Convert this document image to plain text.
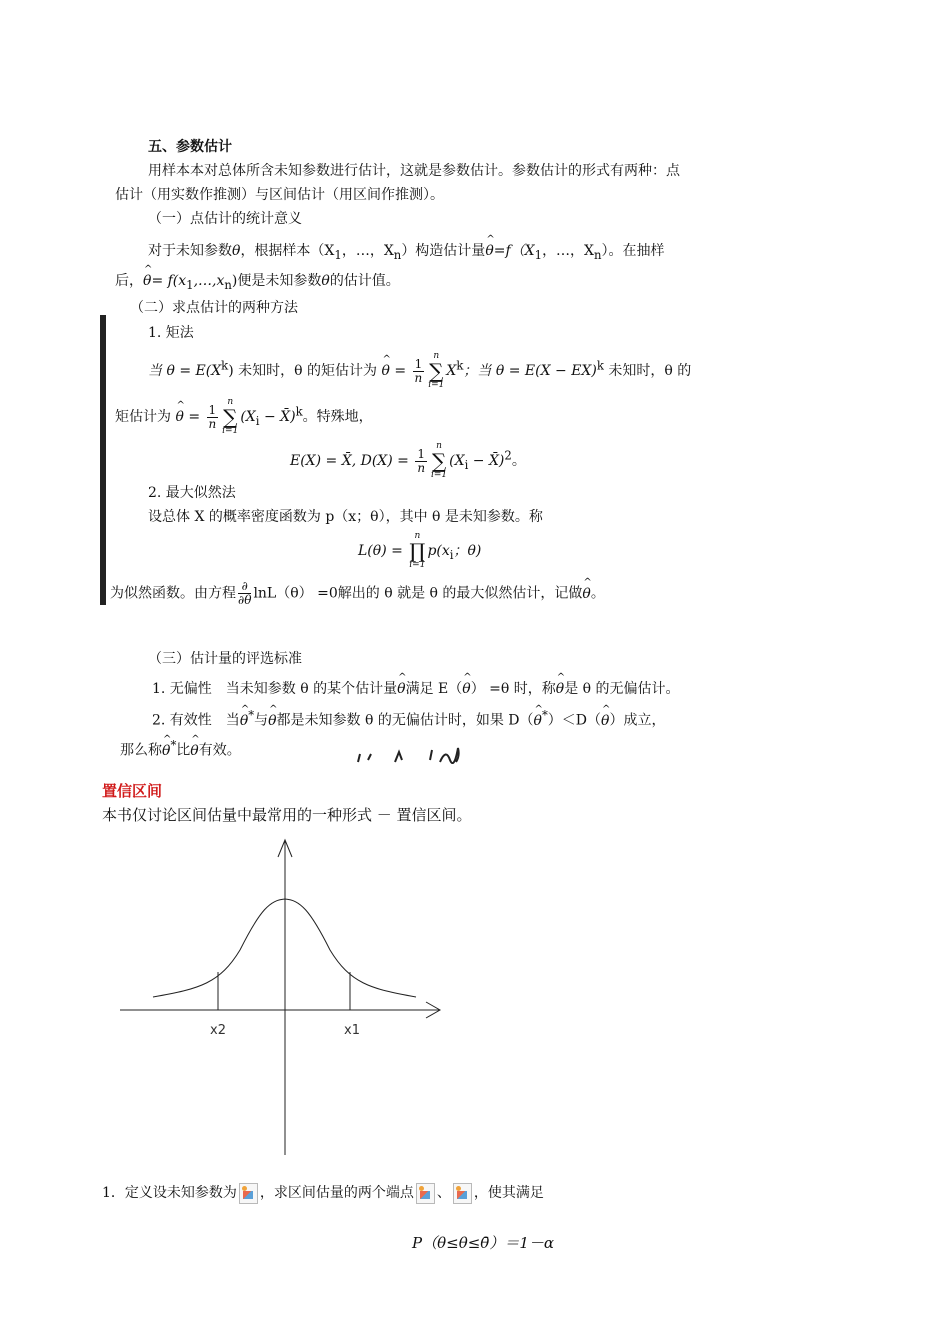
五、参数估计
用样本本对总体所含未知参数进行估计，这就是参数估计。参数估计的形式有两种：点
估计（用实数作推测）与区间估计（用区间作推测）。
（一）点估计的统计意义
对于未知参数θ，根据样本（$X_1$，…，$X_n$）构造估计量^ $\theta=f(X_1$，…，$X_n$）。在抽样
后，^ $\theta= f(x_1,\dots,x_n)$便是未知参数θ的估计值。
（二）求点估计的两种方法
1. 矩法
当 $\theta = E(X^k)$ 未知时，θ 的矩估计为 ^ $\theta = \frac{1}{n}$
n
∑
$i=1X^k$；当 θ = E(X − EX)$^k$ 未知时，θ 的
矩估计为 ^ $\theta = \frac{1}{n}$
n
∑
$i=1(X_i$ − X̄)$^k$。特殊地，
E(X) = X̄, $D(X) = \frac{1}{n}$
n
∑
$i=1(X_i$ − X̄)$^2$。
2. 最大似然法
设总体 X 的概率密度函数为 p（x；θ），其中 θ 是未知参数。称
L(θ) = n
∏
$i=1p(x_i$；θ)
为似然函数。由方程 $\frac{\partial}{\partial\theta} \ln L(\theta) =0$解出的 θ 就是 θ 的最大似然估计，记做^ θ。
（三）估计量的评选标准
1. 无偏性　当未知参数 θ 的某个估计量^ θ满足 E（^ θ） =θ 时，称^ θ是 θ 的无偏估计。
2. 有效性　当^ θ*与^ θ都是未知参数 θ 的无偏估计时，如果 D（^ θ*）＜D（^ θ）成立，
那么称^ θ*比^ θ有效。
置信区间
本书仅讨论区间估量中最常用的一种形式 － 置信区间。
x2	x1
1．定义设未知参数为 ，求区间估量的两个端点 、 ，使其满足
P（θ≤θ≤θ̄）＝1－α
